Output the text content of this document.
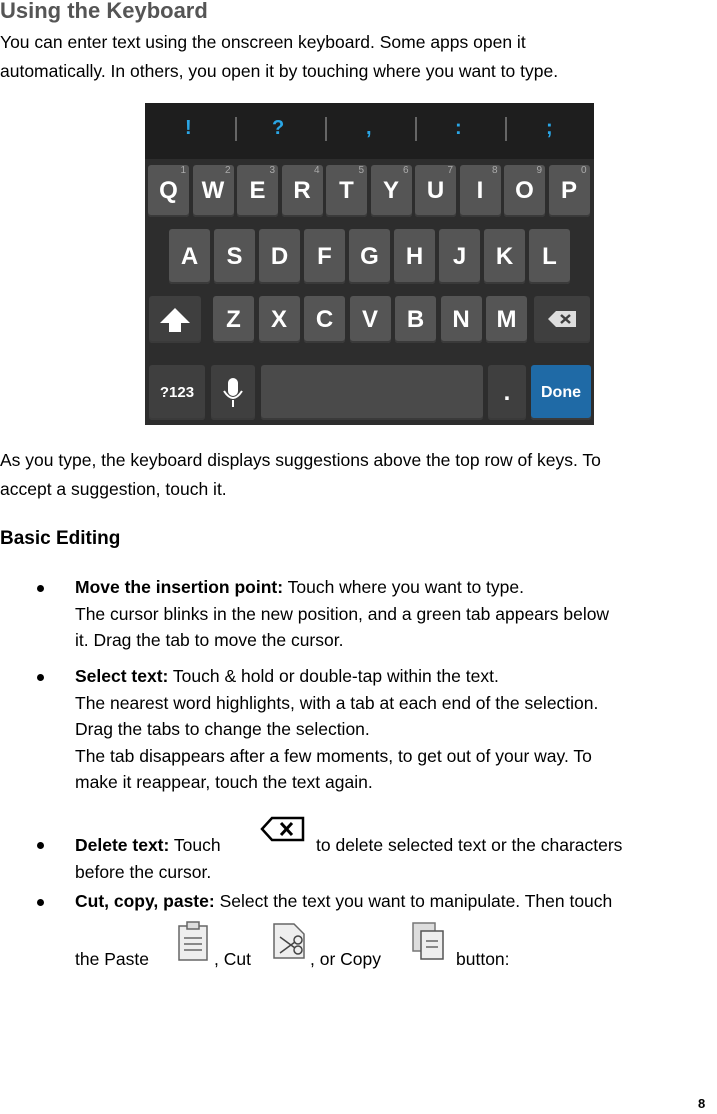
Using the Keyboard
You can enter text using the onscreen keyboard. Some apps open it
automatically. In others, you open it by touching where you want to type.
!	?	,	:	;
?123	.	Done
Q
1
W
2
E
3
R
4
T
5
Y
6
U
7
I
8
O
9
P
0
A	S	D	F	G	H	J	K	L
Z	X	C	V	B	N	M
As you type, the keyboard displays suggestions above the top row of keys. To
accept a suggestion, touch it.
Basic Editing
Move the insertion point: Touch where you want to type.
The cursor blinks in the new position, and a green tab appears below
it. Drag the tab to move the cursor.
Select text: Touch & hold or double-tap within the text.
The nearest word highlights, with a tab at each end of the selection.
Drag the tabs to change the selection.
The tab disappears after a few moments, to get out of your way. To
make it reappear, touch the text again.
Delete text: Touch
before the cursor.
to delete selected text or the characters
Cut, copy, paste: Select the text you want to manipulate. Then touch
the Paste	, Cut	, or Copy	button:
8
